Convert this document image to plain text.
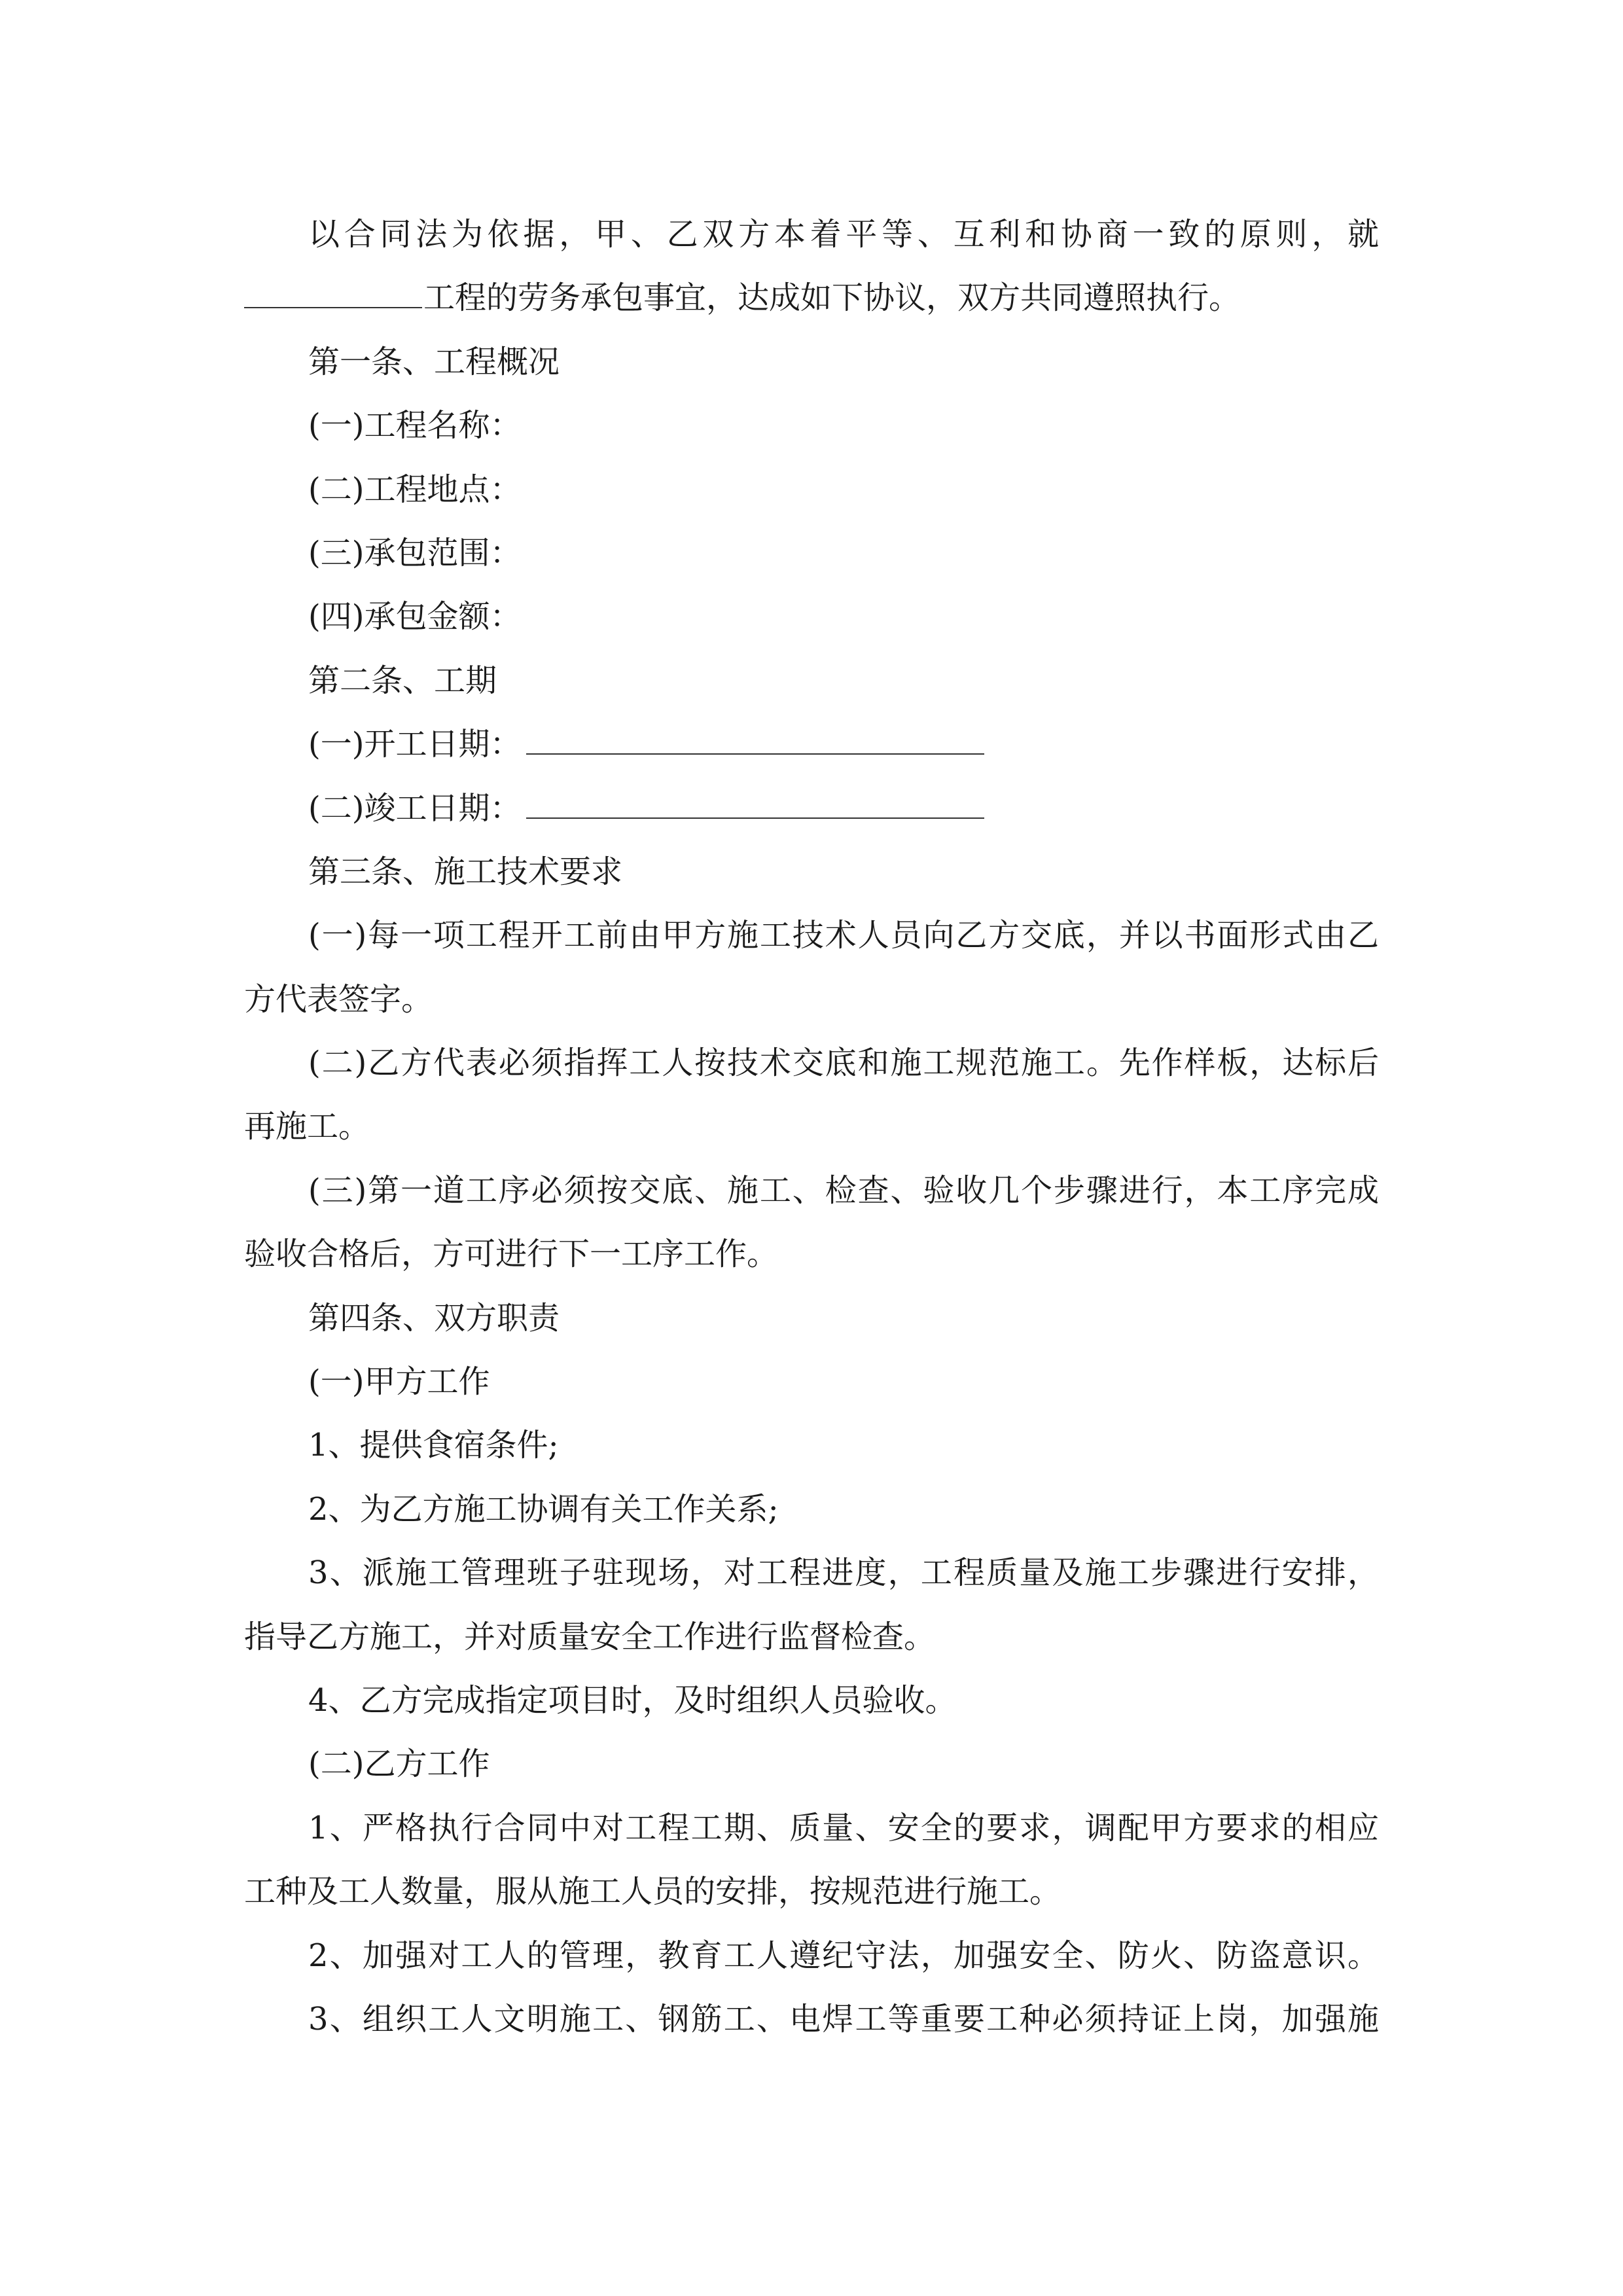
以合同法为依据，甲、乙双方本着平等、互利和协商一致的原则，就
工程的劳务承包事宜，达成如下协议，双方共同遵照执行。
第一条、工程概况
(一)工程名称：
(二)工程地点：
(三)承包范围：
(四)承包金额：
第二条、工期
(一)开工日期：
(二)竣工日期：
第三条、施工技术要求
(一)每一项工程开工前由甲方施工技术人员向乙方交底，并以书面形式由乙
方代表签字。
(二)乙方代表必须指挥工人按技术交底和施工规范施工。先作样板，达标后
再施工。
(三)第一道工序必须按交底、施工、检查、验收几个步骤进行，本工序完成
验收合格后，方可进行下一工序工作。
第四条、双方职责
(一)甲方工作
1、提供食宿条件;
2、为乙方施工协调有关工作关系;
3、派施工管理班子驻现场，对工程进度，工程质量及施工步骤进行安排，
指导乙方施工，并对质量安全工作进行监督检查。
4、乙方完成指定项目时，及时组织人员验收。
(二)乙方工作
1、严格执行合同中对工程工期、质量、安全的要求，调配甲方要求的相应
工种及工人数量，服从施工人员的安排，按规范进行施工。
2、加强对工人的管理，教育工人遵纪守法，加强安全、防火、防盗意识。
3、组织工人文明施工、钢筋工、电焊工等重要工种必须持证上岗，加强施
